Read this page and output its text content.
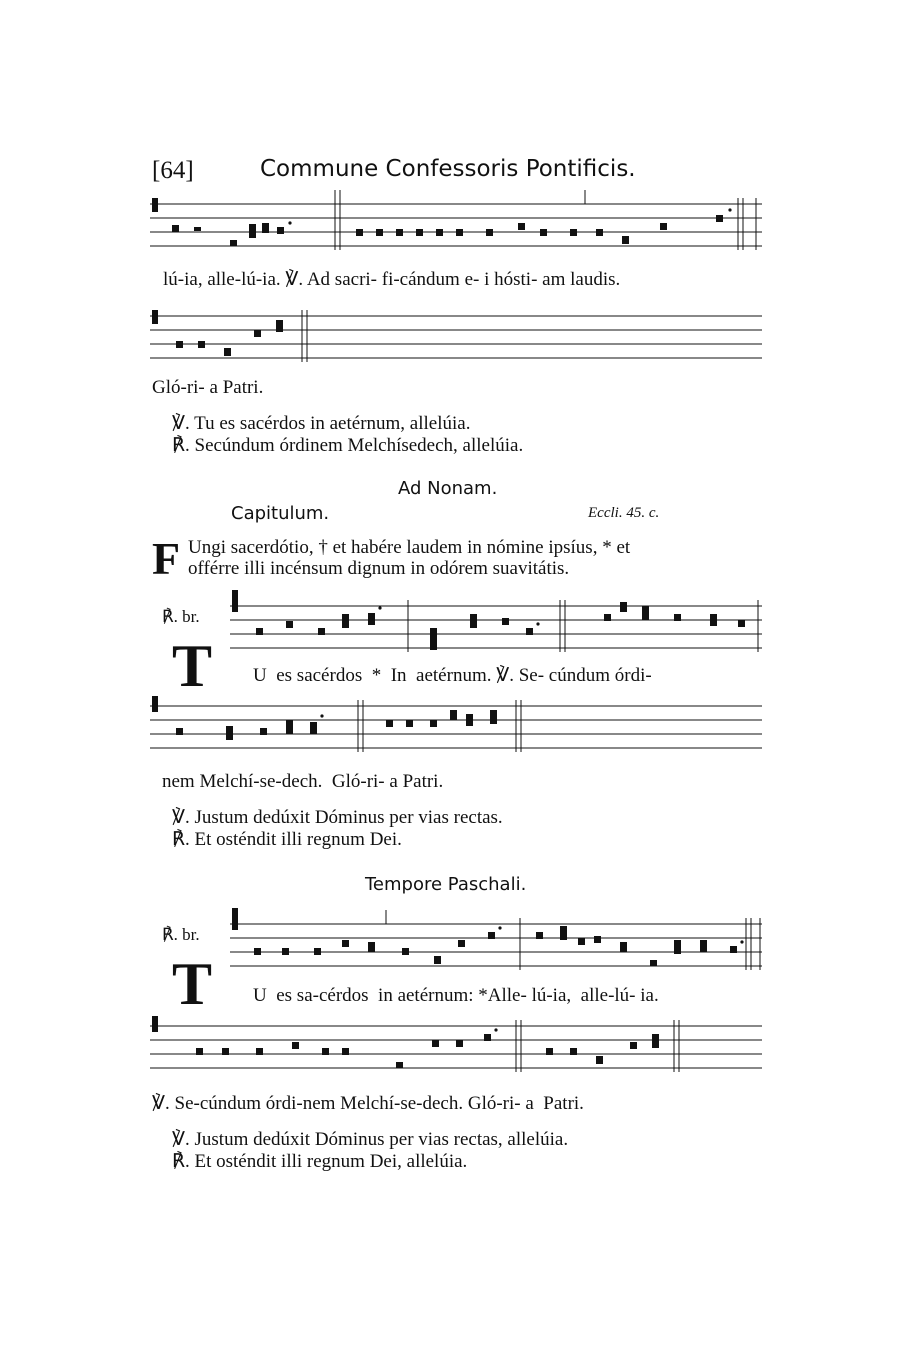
[64]	Commune Confessoris Pontificis.
lú-ia, alle-lú-ia. ℣. Ad sacri- fi-cándum e- i hósti- am laudis.
Gló-ri- a Patri.
℣. Tu es sacérdos in aetérnum, allelúia.
℟. Secúndum órdinem Melchísedech, allelúia.
Ad Nonam.
Capitulum.	Eccli. 45. c.
F Ungi sacerdótio, † et habére laudem in nómine ipsíus, * et
offérre illi incénsum dignum in odórem suavitátis.
℟. br.
T U  es sacérdos  *  In  aetérnum. ℣. Se- cúndum órdi-
nem Melchí-se-dech.  Gló-ri- a Patri.
℣. Justum dedúxit Dóminus per vias rectas.
℟. Et osténdit illi regnum Dei.
Tempore Paschali.
℟. br.
T U  es sa-cérdos  in aetérnum: *Alle- lú-ia,  alle-lú- ia.
℣. Se-cúndum órdi-nem Melchí-se-dech. Gló-ri- a  Patri.
℣. Justum dedúxit Dóminus per vias rectas, allelúia.
℟. Et osténdit illi regnum Dei, allelúia.
